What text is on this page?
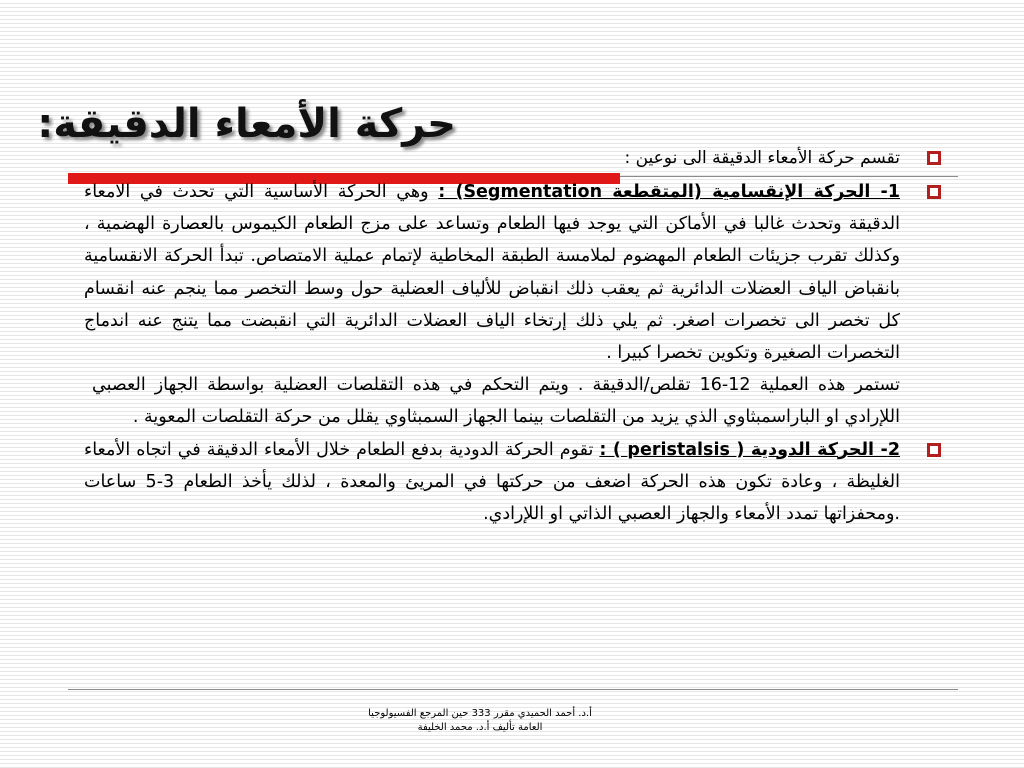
حركة الأمعاء الدقيقة:
تقسم حركة الأمعاء الدقيقة الى نوعين :
1- الحركة الإنقسامية (المتقطعة Segmentation) : وهي الحركة الأساسية التي تحدث في الامعاء الدقيقة وتحدث غالبا في الأماكن التي يوجد فيها الطعام وتساعد على مزج الطعام الكيموس بالعصارة الهضمية ، وكذلك تقرب جزيئات الطعام المهضوم لملامسة الطبقة المخاطية لإتمام عملية الامتصاص. تبدأ الحركة الانقسامية بانقباض الياف العضلات الدائرية ثم يعقب ذلك انقباض للألياف العضلية حول وسط التخصر مما ينجم عنه انقسام كل تخصر الى تخصرات اصغر. ثم يلي ذلك إرتخاء الياف العضلات الدائرية التي انقبضت مما يتنج عنه اندماج التخصرات الصغيرة وتكوين تخصرا كبيرا .
تستمر هذه العملية 12-16 تقلص/الدقيقة . ويتم التحكم في هذه التقلصات العضلية بواسطة الجهاز العصبي اللإرادي او الباراسمبثاوي الذي يزيد من التقلصات بينما الجهاز السمبثاوي يقلل من حركة التقلصات المعوية .
2- الحركة الدودية ( peristalsis ) : تقوم الحركة الدودية بدفع الطعام خلال الأمعاء الدقيقة في اتجاه الأمعاء الغليظة ، وعادة تكون هذه الحركة اضعف من حركتها في المريئ والمعدة ، لذلك يأخذ الطعام 3-5 ساعات .ومحفزاتها تمدد الأمعاء والجهاز العصبي الذاتي او اللإرادي.
أ.د. أحمد الحميدي مقرر 333 حين المرجع الفسيولوجيا
العامة تأليف أ.د. محمد الخليفة
